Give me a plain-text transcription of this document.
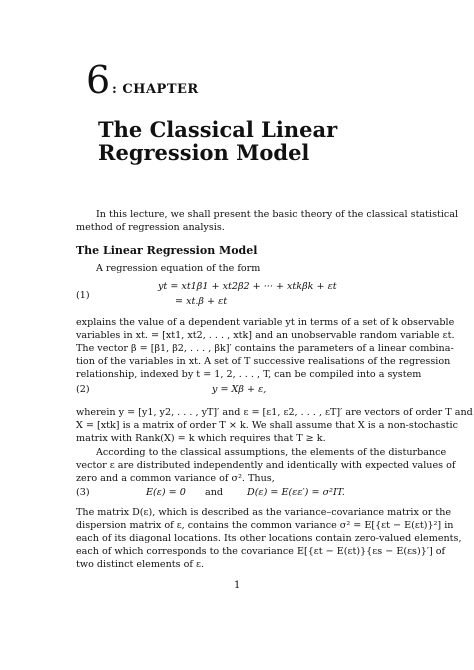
6 : CHAPTER
The Classical Linear
Regression Model
In this lecture, we shall present the basic theory of the classical statistical
method of regression analysis.
The Linear Regression Model
A regression equation of the form
(1)
yt = xt1β1 + xt2β2 + ··· + xtkβk + εt
= xt.β + εt
explains the value of a dependent variable yt in terms of a set of k observable
variables in xt. = [xt1, xt2, . . . , xtk] and an unobservable random variable εt.
The vector β = [β1, β2, . . . , βk]′ contains the parameters of a linear combina-
tion of the variables in xt. A set of T successive realisations of the regression
relationship, indexed by t = 1, 2, . . . , T, can be compiled into a system
(2)	y = Xβ + ε,
wherein y = [y1, y2, . . . , yT]′ and ε = [ε1, ε2, . . . , εT]′ are vectors of order T and
X = [xtk] is a matrix of order T × k. We shall assume that X is a non-stochastic
matrix with Rank(X) = k which requires that T ≥ k.
According to the classical assumptions, the elements of the disturbance
vector ε are distributed independently and identically with expected values of
zero and a common variance of σ². Thus,
(3)	E(ε) = 0 and D(ε) = E(εε′) = σ²IT.
The matrix D(ε), which is described as the variance–covariance matrix or the
dispersion matrix of ε, contains the common variance σ² = E[{εt − E(εt)}²] in
each of its diagonal locations. Its other locations contain zero-valued elements,
each of which corresponds to the covariance E[{εt − E(εt)}{εs − E(εs)}′] of
two distinct elements of ε.
1
